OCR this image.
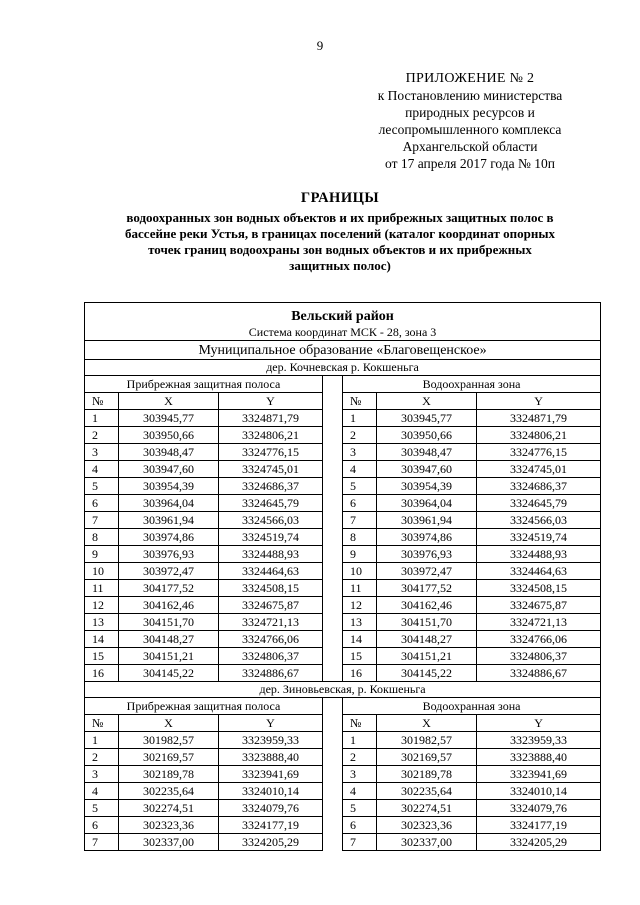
9
ПРИЛОЖЕНИЕ № 2
к Постановлению министерства
природных ресурсов и
лесопромышленного комплекса
Архангельской области
от 17 апреля 2017 года № 10п
ГРАНИЦЫ
водоохранных зон водных объектов и их прибрежных защитных полос в
бассейне реки Устья, в границах поселений (каталог координат опорных
точек границ водоохраны зон водных объектов и их прибрежных
защитных полос)
Вельский район						
Система координат МСК - 28, зона 3						
Муниципальное образование «Благовещенское»						
дер. Кочневская р. Кокшеньга						
Прибрежная защитная полоса				Водоохранная зона		
№	X	Y		№	X	Y
1	303945,77	3324871,79		1	303945,77	3324871,79
2	303950,66	3324806,21		2	303950,66	3324806,21
3	303948,47	3324776,15		3	303948,47	3324776,15
4	303947,60	3324745,01		4	303947,60	3324745,01
5	303954,39	3324686,37		5	303954,39	3324686,37
6	303964,04	3324645,79		6	303964,04	3324645,79
7	303961,94	3324566,03		7	303961,94	3324566,03
8	303974,86	3324519,74		8	303974,86	3324519,74
9	303976,93	3324488,93		9	303976,93	3324488,93
10	303972,47	3324464,63		10	303972,47	3324464,63
11	304177,52	3324508,15		11	304177,52	3324508,15
12	304162,46	3324675,87		12	304162,46	3324675,87
13	304151,70	3324721,13		13	304151,70	3324721,13
14	304148,27	3324766,06		14	304148,27	3324766,06
15	304151,21	3324806,37		15	304151,21	3324806,37
16	304145,22	3324886,67		16	304145,22	3324886,67
дер. Зиновьевская, р. Кокшеньга						
Прибрежная защитная полоса				Водоохранная зона		
№	X	Y		№	X	Y
1	301982,57	3323959,33		1	301982,57	3323959,33
2	302169,57	3323888,40		2	302169,57	3323888,40
3	302189,78	3323941,69		3	302189,78	3323941,69
4	302235,64	3324010,14		4	302235,64	3324010,14
5	302274,51	3324079,76		5	302274,51	3324079,76
6	302323,36	3324177,19		6	302323,36	3324177,19
7	302337,00	3324205,29		7	302337,00	3324205,29
